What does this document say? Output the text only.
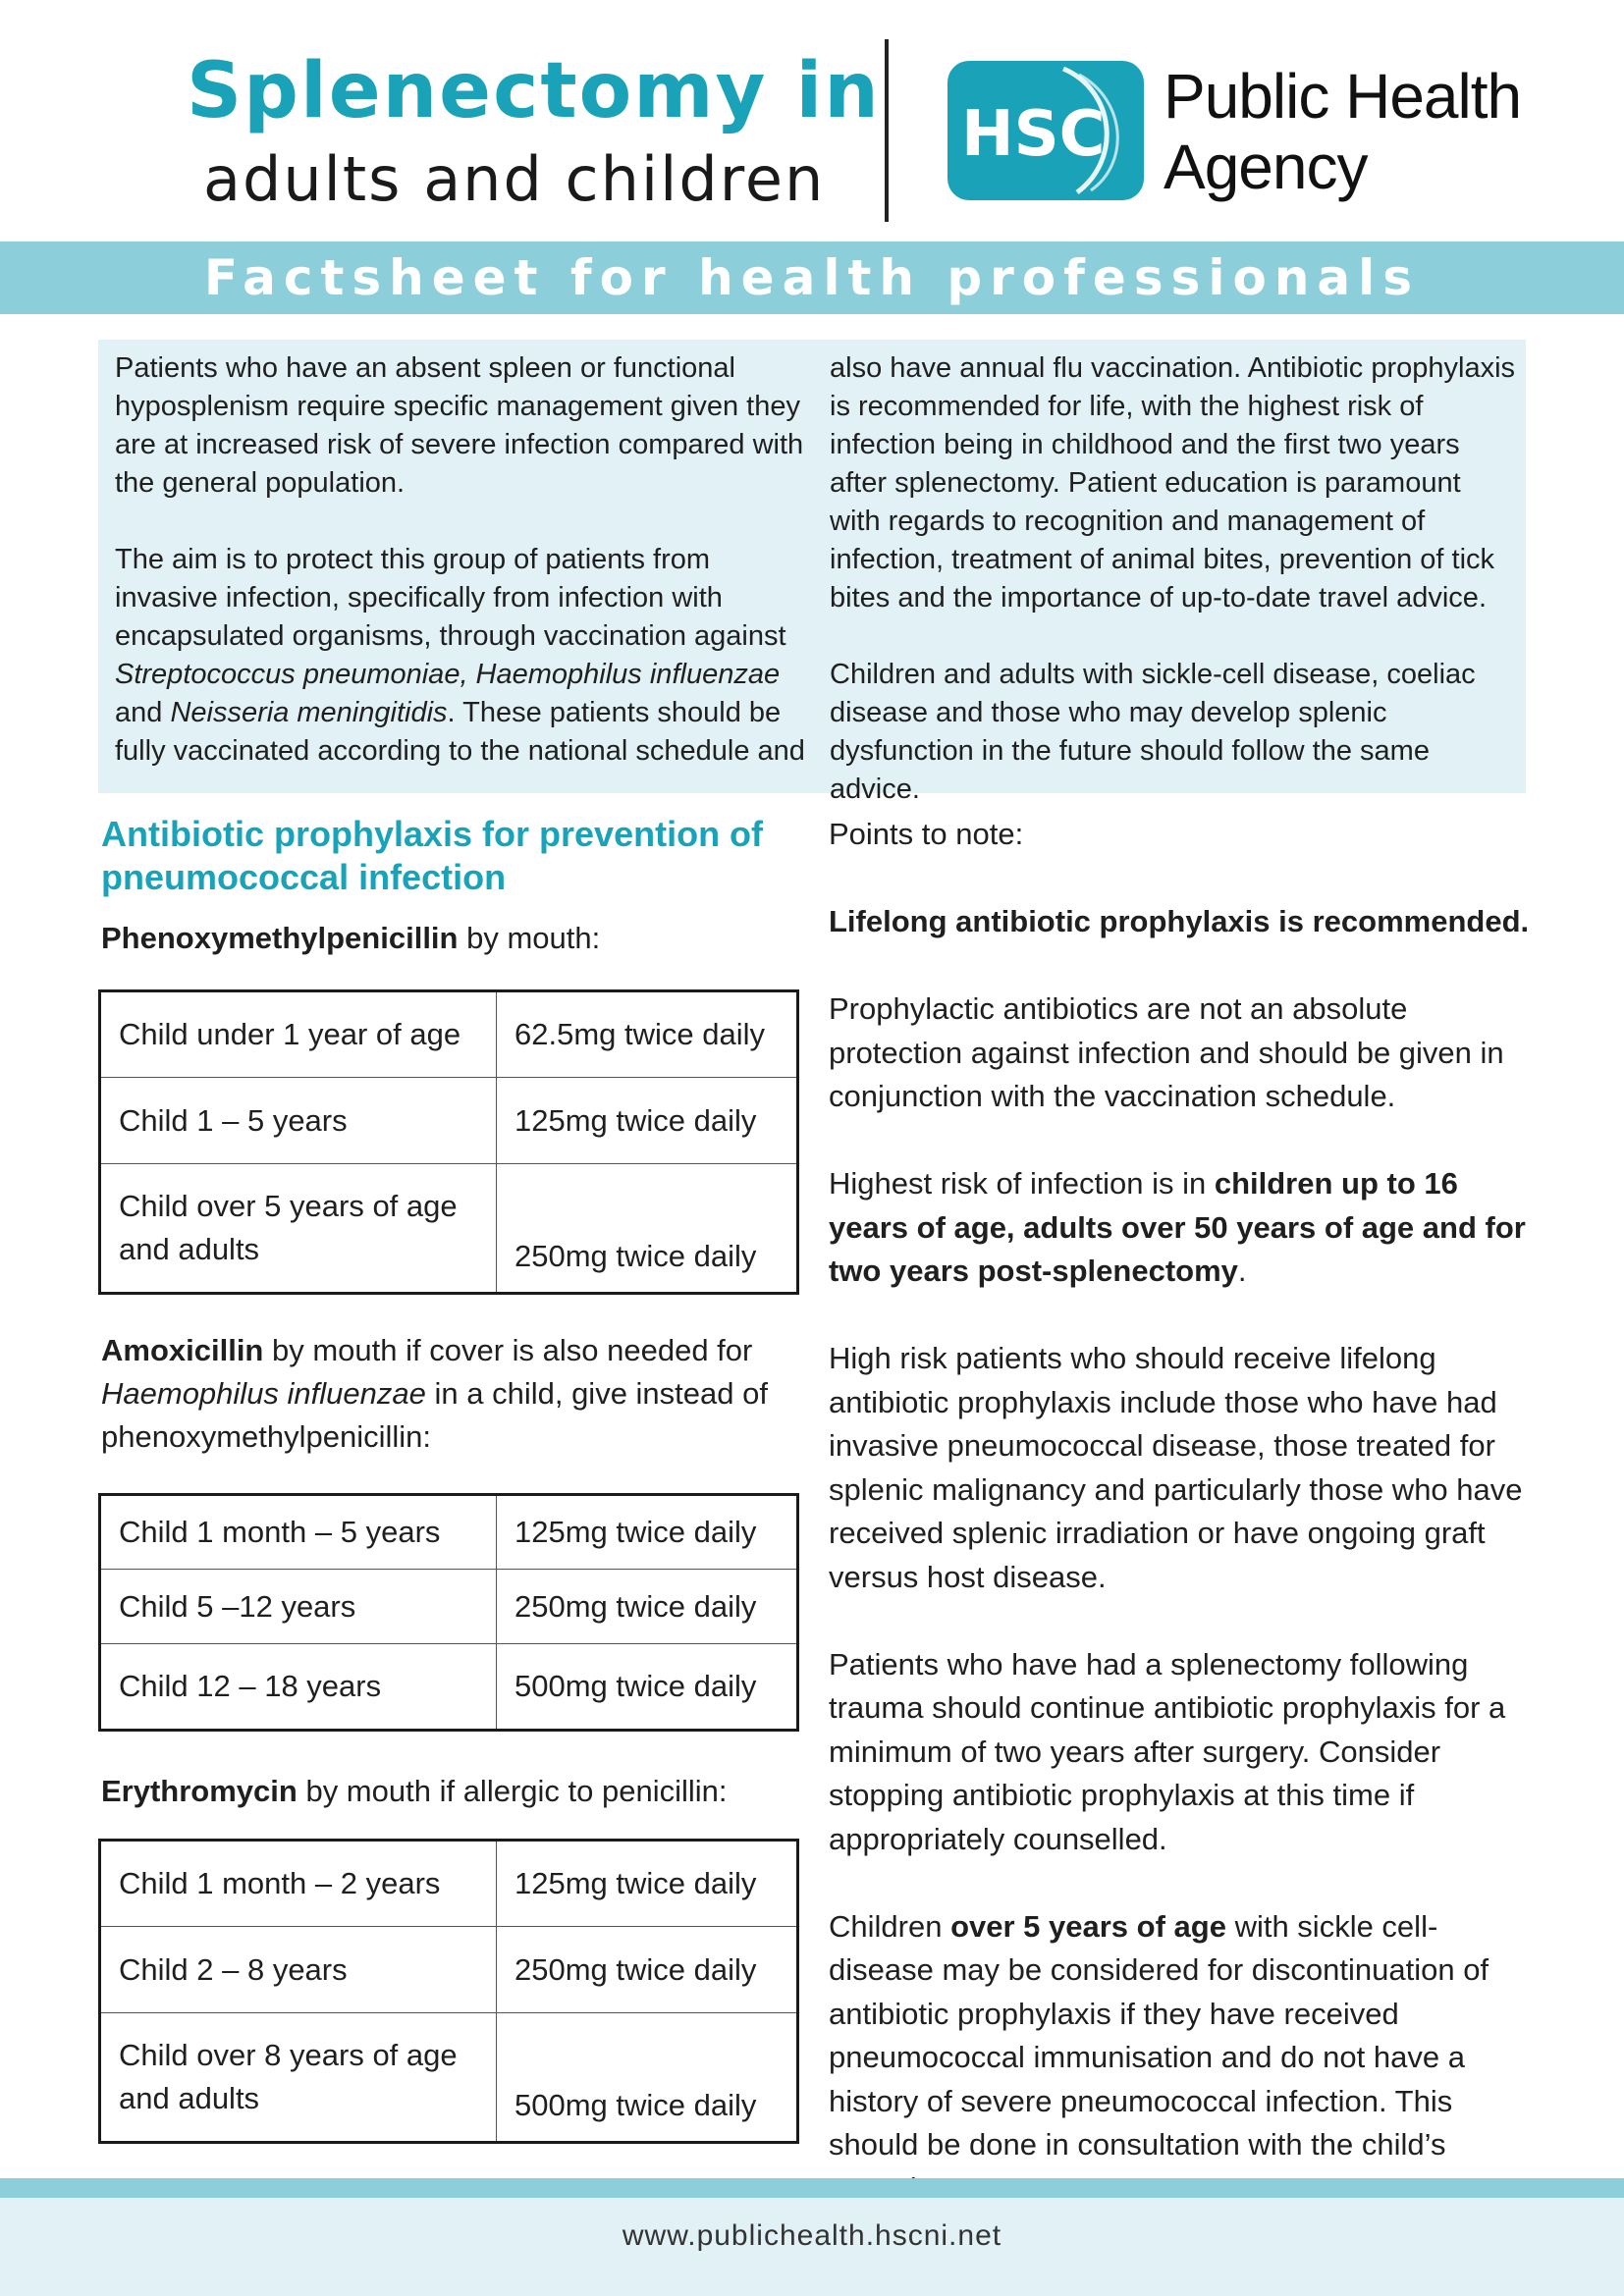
Splenectomy in
adults and children
HSC
Public Health
Agency
Factsheet for health professionals

Patients who have an absent spleen or functional hyposplenism require specific management given they are at increased risk of severe infection compared with the general population.

The aim is to protect this group of patients from invasive infection, specifically from infection with encapsulated organisms, through vaccination against Streptococcus pneumoniae, Haemophilus influenzae and Neisseria meningitidis. These patients should be fully vaccinated according to the national schedule and

also have annual flu vaccination. Antibiotic prophylaxis is recommended for life, with the highest risk of infection being in childhood and the first two years after splenectomy. Patient education is paramount with regards to recognition and management of infection, treatment of animal bites, prevention of tick bites and the importance of up-to-date travel advice.

Children and adults with sickle-cell disease, coeliac disease and those who may develop splenic dysfunction in the future should follow the same advice.

Antibiotic prophylaxis for prevention of pneumococcal infection
Phenoxymethylpenicillin by mouth:
Child under 1 year of age	62.5mg twice daily
Child 1 – 5 years	125mg twice daily
Child over 5 years of age and adults	250mg twice daily
Amoxicillin by mouth if cover is also needed for Haemophilus influenzae in a child, give instead of phenoxymethylpenicillin:
Child 1 month – 5 years	125mg twice daily
Child 5 –12 years	250mg twice daily
Child 12 – 18 years	500mg twice daily
Erythromycin by mouth if allergic to penicillin:
Child 1 month – 2 years	125mg twice daily
Child 2 – 8 years	250mg twice daily
Child over 8 years of age and adults	500mg twice daily

Points to note:

Lifelong antibiotic prophylaxis is recommended.

Prophylactic antibiotics are not an absolute protection against infection and should be given in conjunction with the vaccination schedule.

Highest risk of infection is in children up to 16 years of age, adults over 50 years of age and for two years post-splenectomy.

High risk patients who should receive lifelong antibiotic prophylaxis include those who have had invasive pneumococcal disease, those treated for splenic malignancy and particularly those who have received splenic irradiation or have ongoing graft versus host disease.

Patients who have had a splenectomy following trauma should continue antibiotic prophylaxis for a minimum of two years after surgery. Consider stopping antibiotic prophylaxis at this time if appropriately counselled.

Children over 5 years of age with sickle cell-disease may be considered for discontinuation of antibiotic prophylaxis if they have received pneumococcal immunisation and do not have a history of severe pneumococcal infection. This should be done in consultation with the child’s

www.publichealth.hscni.net
